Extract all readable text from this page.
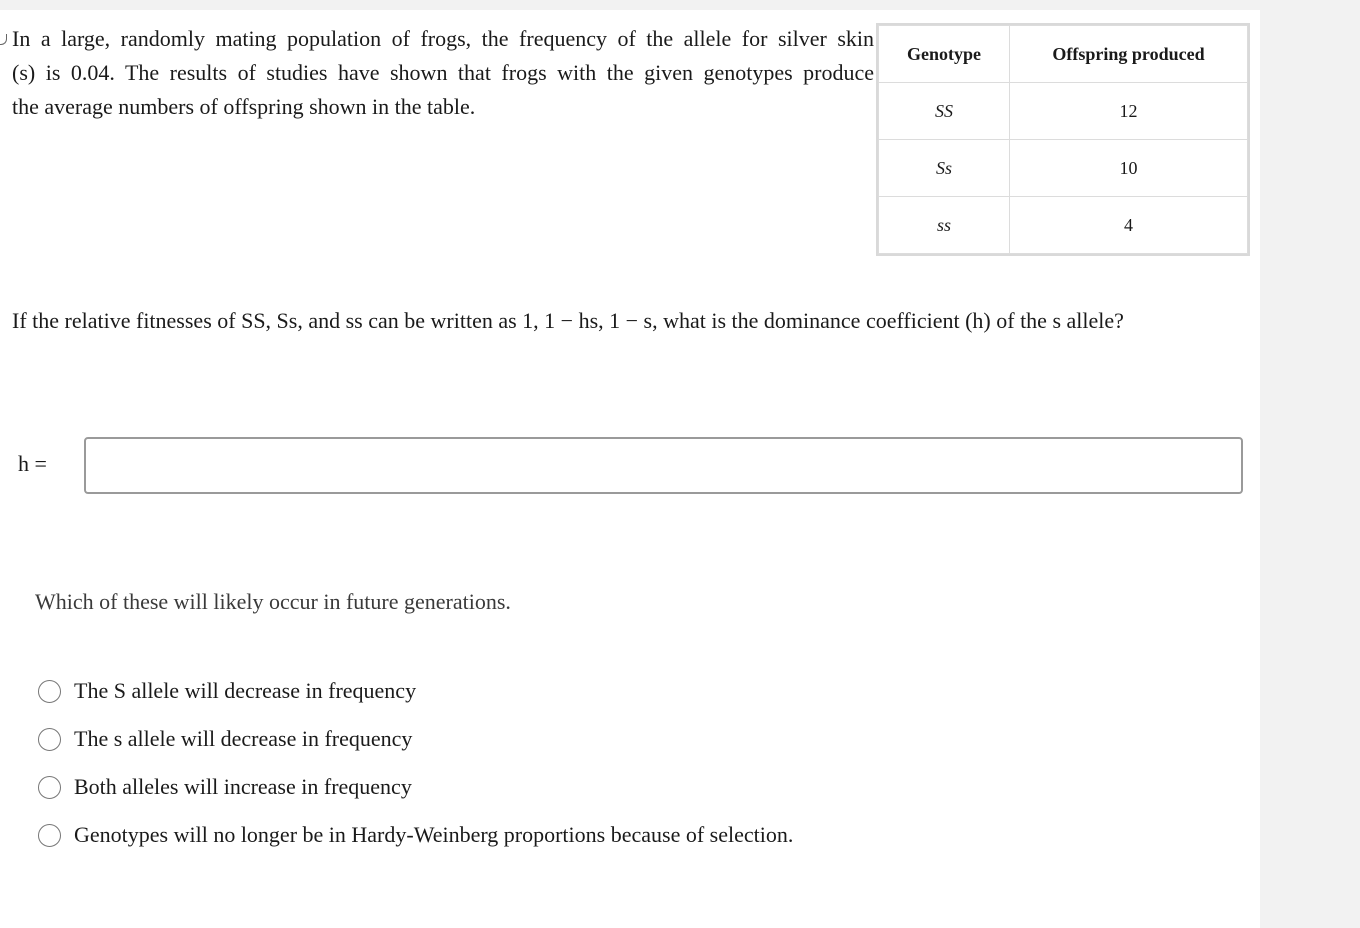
In a large, randomly mating population of frogs, the frequency of the allele for silver skin
(s) is 0.04. The results of studies have shown that frogs with the given genotypes produce
the average numbers of offspring shown in the table.
Genotype	Offspring produced
SS	12
Ss	10
ss	4
If the relative fitnesses of SS, Ss, and ss can be written as 1, 1 − hs, 1 − s, what is the dominance coefficient (h) of the s allele?
h =
Which of these will likely occur in future generations.
The S allele will decrease in frequency
The s allele will decrease in frequency
Both alleles will increase in frequency
Genotypes will no longer be in Hardy-Weinberg proportions because of selection.
